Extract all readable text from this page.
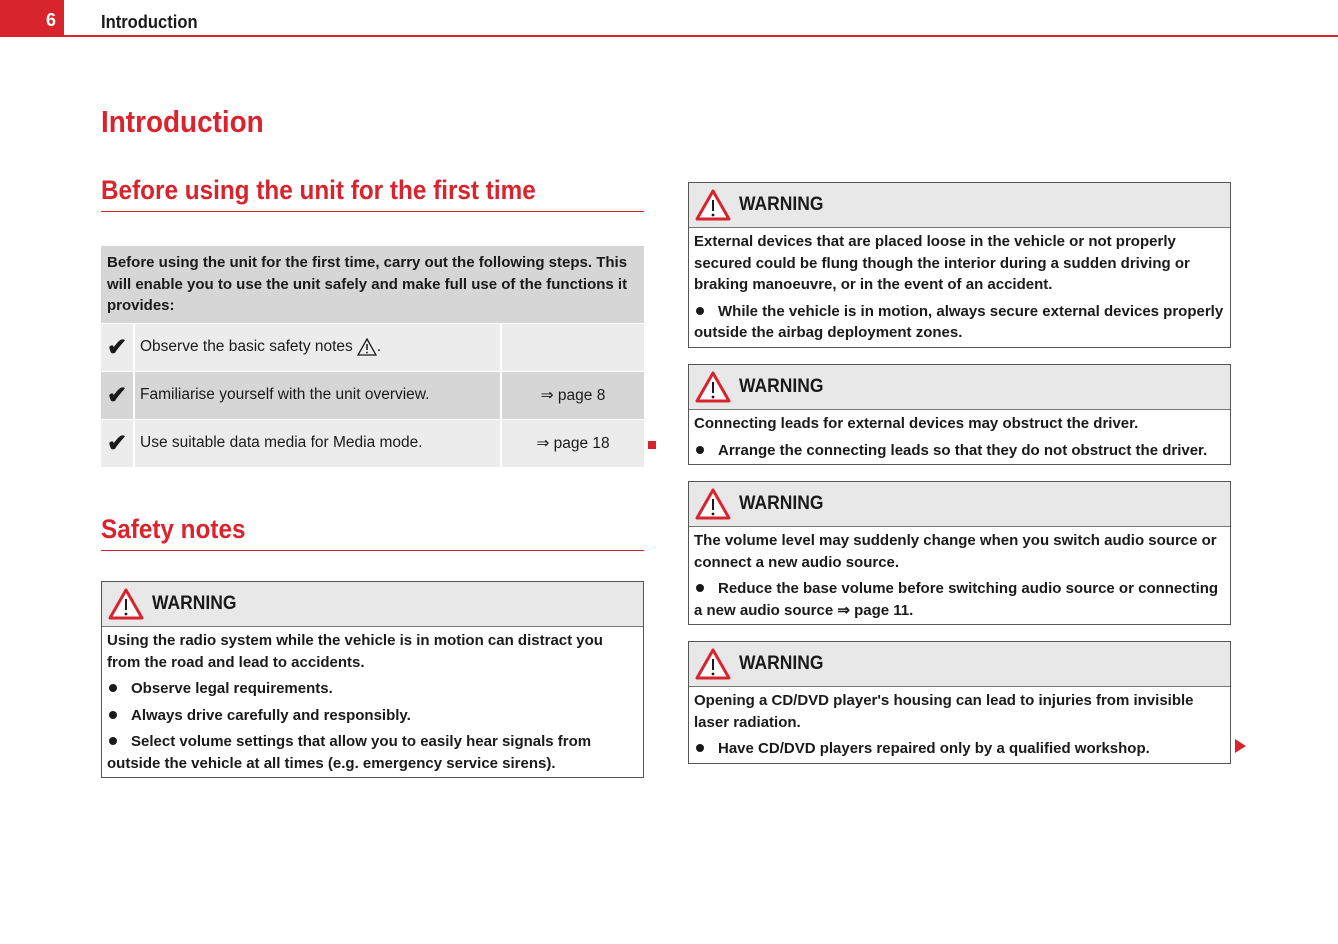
6	Introduction
Introduction
Before using the unit for the first time
Before using the unit for the first time, carry out the following steps. This will enable you to use the unit safely and make full use of the functions it provides:
✔ Observe the basic safety notes .
✔ Familiarise yourself with the unit overview.	⇒ page 8
✔ Use suitable data media for Media mode.	⇒ page 18
Safety notes
WARNING

Using the radio system while the vehicle is in motion can distract you from the road and lead to accidents.

Observe legal requirements.
Always drive carefully and responsibly.
Select volume settings that allow you to easily hear signals from outside the vehicle at all times (e.g. emergency service sirens).
WARNING

External devices that are placed loose in the vehicle or not properly secured could be flung though the interior during a sudden driving or braking manoeuvre, or in the event of an accident.

While the vehicle is in motion, always secure external devices properly outside the airbag deployment zones.
WARNING

Connecting leads for external devices may obstruct the driver.

Arrange the connecting leads so that they do not obstruct the driver.
WARNING

The volume level may suddenly change when you switch audio source or connect a new audio source.

Reduce the base volume before switching audio source or connecting a new audio source ⇒ page 11.
WARNING

Opening a CD/DVD player's housing can lead to injuries from invisible laser radiation.

Have CD/DVD players repaired only by a qualified workshop.
